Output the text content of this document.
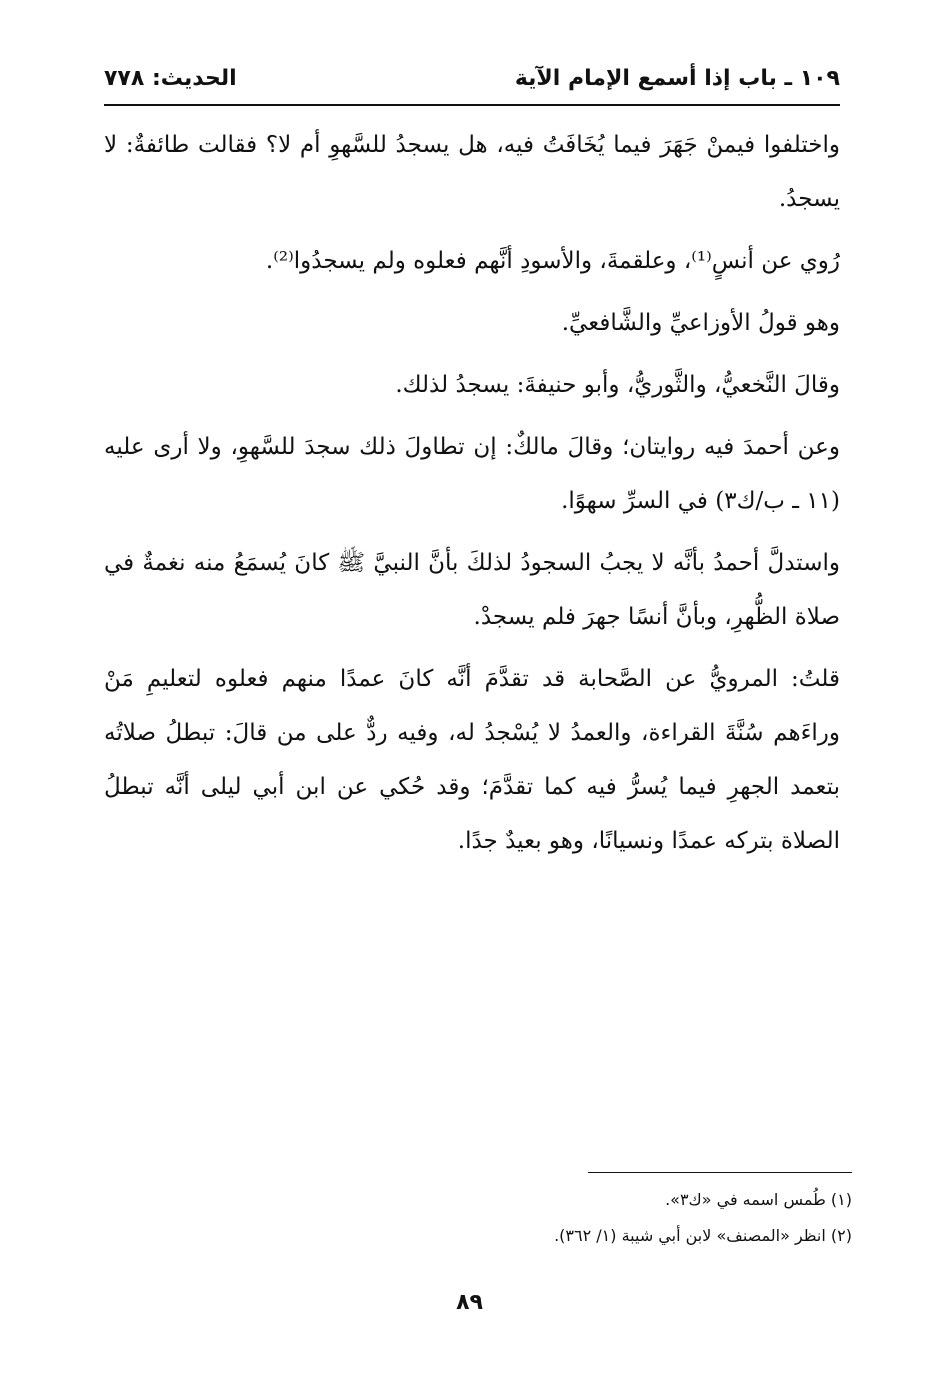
١٠٩ ـ باب إذا أسمع الإمام الآية
الحديث: ٧٧٨

واختلفوا فيمنْ جَهَرَ فيما يُخَافَتُ فيه، هل يسجدُ للسَّهوِ أم لا؟ فقالت طائفةٌ: لا يسجدُ.

رُوي عن أنسٍ⁽¹⁾، وعلقمةَ، والأسودِ أنَّهم فعلوه ولم يسجدُوا⁽²⁾.

وهو قولُ الأوزاعيِّ والشَّافعيِّ.

وقالَ النَّخعيُّ، والثَّوريُّ، وأبو حنيفةَ: يسجدُ لذلك.

وعن أحمدَ فيه روايتان؛ وقالَ مالكٌ: إن تطاولَ ذلك سجدَ للسَّهوِ، ولا أرى عليه (١١ ـ ب/ك٣) في السرِّ سهوًا.

واستدلَّ أحمدُ بأنَّه لا يجبُ السجودُ لذلكَ بأنَّ النبيَّ ﷺ كانَ يُسمَعُ منه نغمةٌ في صلاة الظُّهرِ، وبأنَّ أنسًا جهرَ فلم يسجدْ.

قلتُ: المرويُّ عن الصَّحابة قد تقدَّمَ أنَّه كانَ عمدًا منهم فعلوه لتعليمِ مَنْ وراءَهم سُنَّةَ القراءة، والعمدُ لا يُسْجدُ له، وفيه ردٌّ على من قالَ: تبطلُ صلاتُه بتعمد الجهرِ فيما يُسرُّ فيه كما تقدَّمَ؛ وقد حُكي عن ابن أبي ليلى أنَّه تبطلُ الصلاة بتركه عمدًا ونسيانًا، وهو بعيدٌ جدًا.

(١) طُمس اسمه في «ك٣».

(٢) انظر «المصنف» لابن أبي شيبة (١/ ٣٦٢).

٨٩
